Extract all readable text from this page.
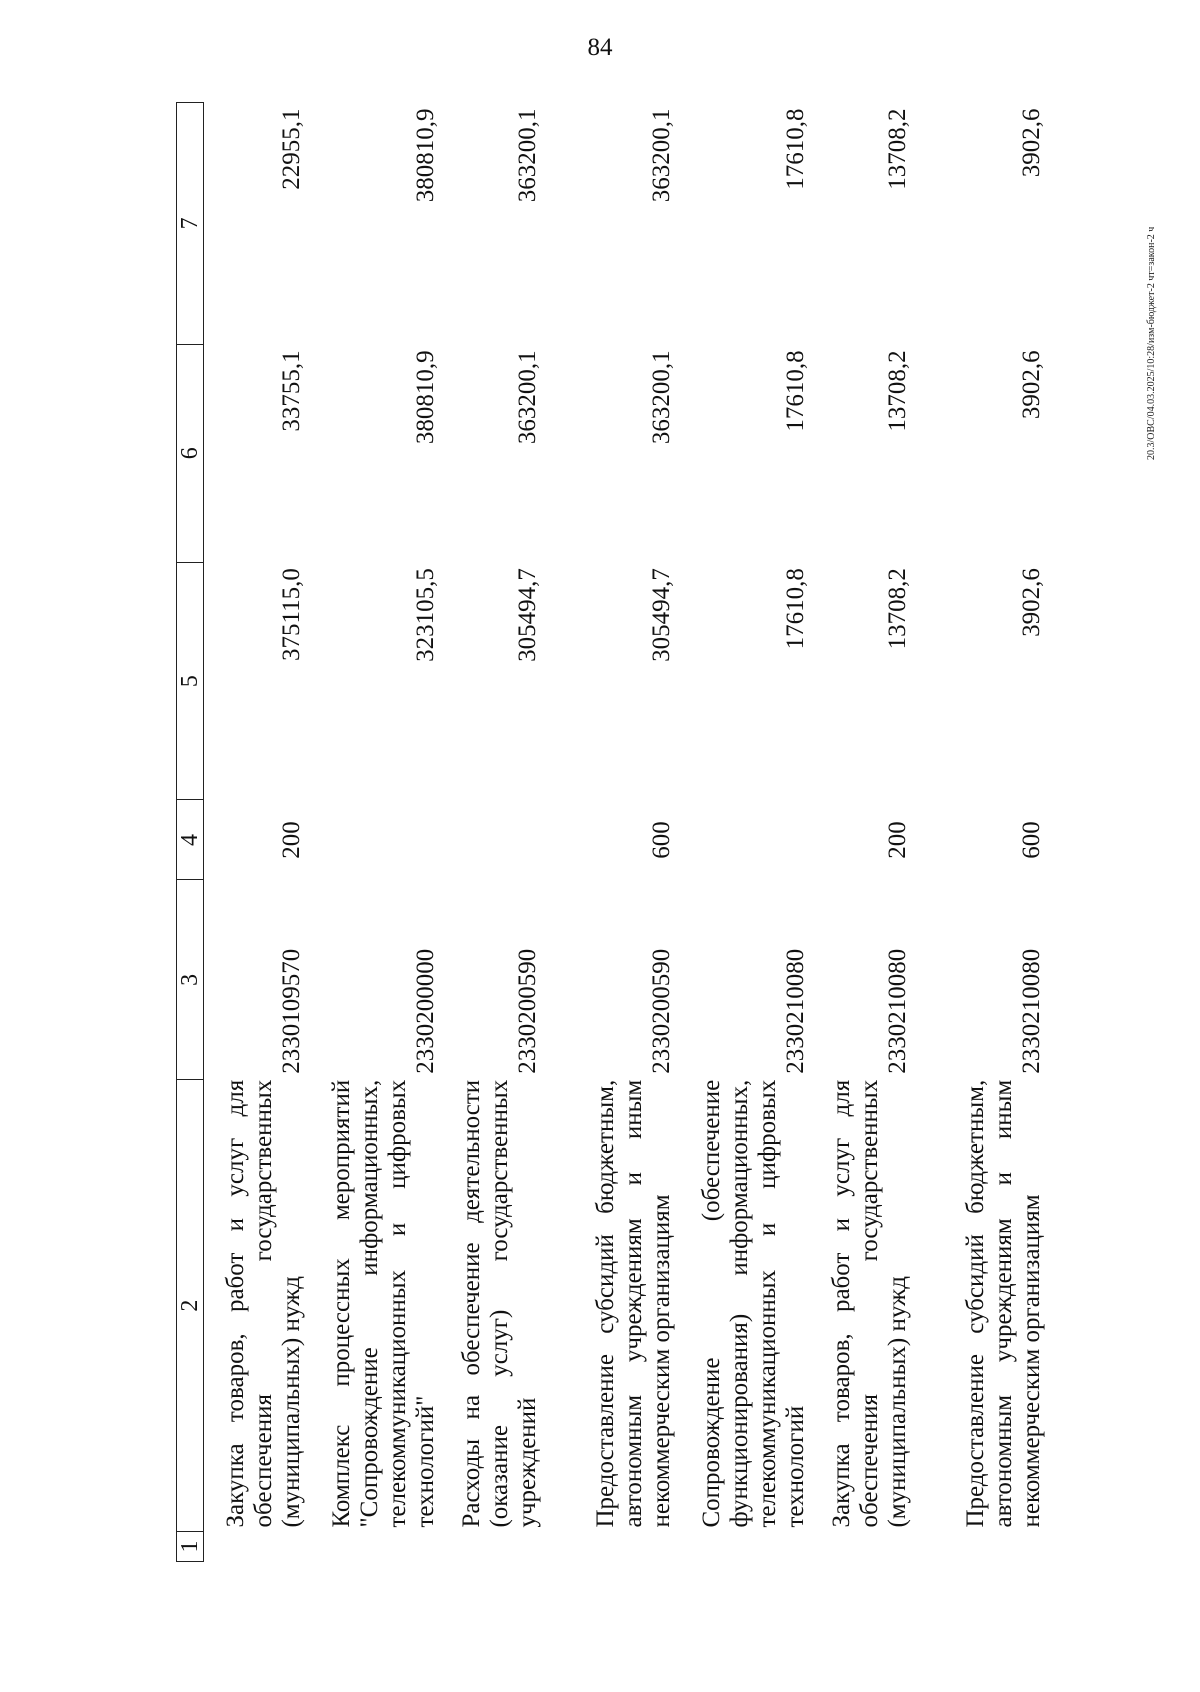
84
20.3/ОВС/04.03.2025/10:28/изм-бюджет-2 чт=закон-2 ч
1	2	3	4	5	6	7
	Закупка товаров, работ и услуг для обеспечения государственных (муниципальных) нужд	2330109570	200	375115,0	33755,1	22955,1
	Комплекс процессных мероприятий "Сопровождение информационных, телекоммуникационных и цифровых технологий"	2330200000		323105,5	380810,9	380810,9
	Расходы на обеспечение деятельности (оказание услуг) государственных учреждений	2330200590		305494,7	363200,1	363200,1
	Предоставление субсидий бюджетным, автономным учреждениям и иным некоммерческим организациям	2330200590	600	305494,7	363200,1	363200,1
	Сопровождение (обеспечение функционирования) информационных, телекоммуникационных и цифровых технологий	2330210080		17610,8	17610,8	17610,8
	Закупка товаров, работ и услуг для обеспечения государственных (муниципальных) нужд	2330210080	200	13708,2	13708,2	13708,2
	Предоставление субсидий бюджетным, автономным учреждениям и иным некоммерческим организациям	2330210080	600	3902,6	3902,6	3902,6
